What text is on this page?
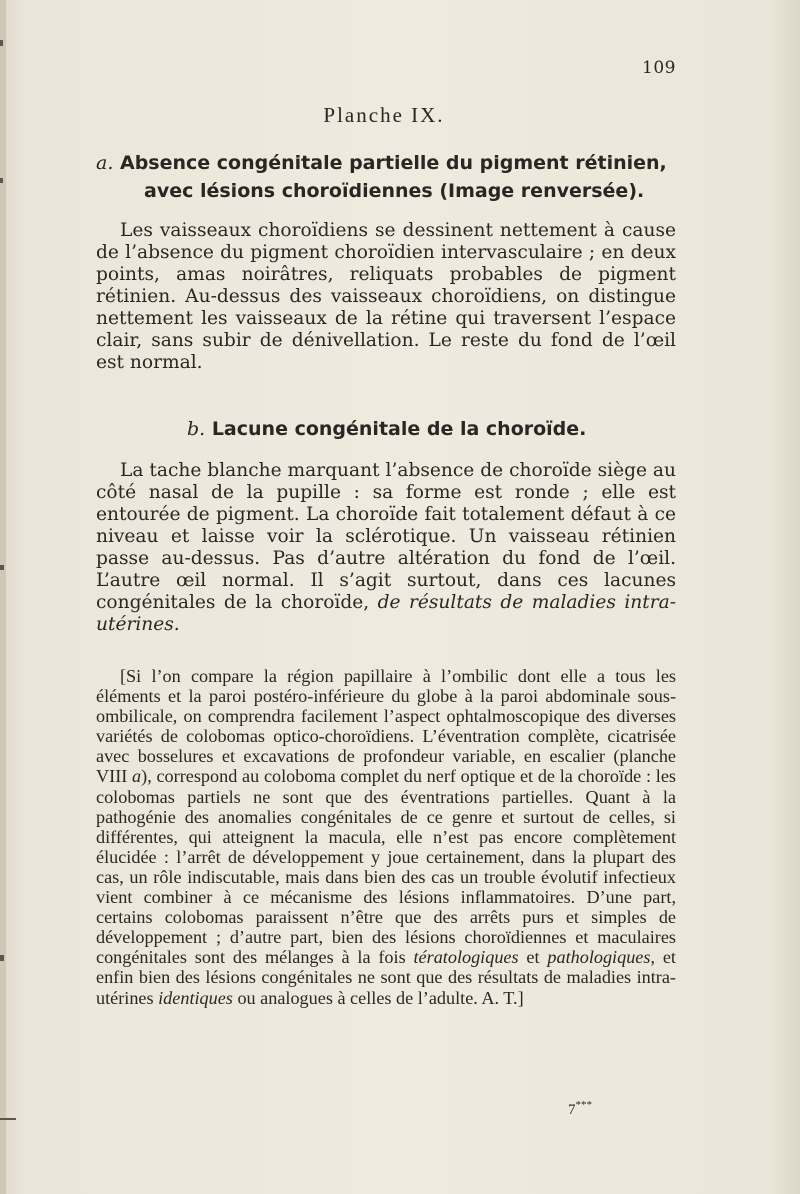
109
Planche IX.
a. Absence congénitale partielle du pigment rétinien,
avec lésions choroïdiennes (Image renversée).

Les vaisseaux choroïdiens se dessinent nettement à cause de l’absence du pigment choroïdien intervasculaire ; en deux points, amas noirâtres, reliquats probables de pigment rétinien. Au-dessus des vaisseaux choroïdiens, on distingue nettement les vaisseaux de la rétine qui traversent l’espace clair, sans subir de dénivellation. Le reste du fond de l’œil est normal.

b. Lacune congénitale de la choroïde.

La tache blanche marquant l’absence de choroïde siège au côté nasal de la pupille : sa forme est ronde ; elle est entourée de pigment. La choroïde fait totalement défaut à ce niveau et laisse voir la sclérotique. Un vaisseau rétinien passe au-dessus. Pas d’autre altération du fond de l’œil. L’autre œil normal. Il s’agit surtout, dans ces lacunes congénitales de la choroïde, de résultats de maladies intra-utérines.

[Si l’on compare la région papillaire à l’ombilic dont elle a tous les éléments et la paroi postéro-inférieure du globe à la paroi abdominale sous-ombilicale, on comprendra facilement l’aspect ophtalmoscopique des diverses variétés de colobomas optico-choroïdiens. L’éventration complète, cicatrisée avec bosselures et excavations de profondeur variable, en escalier (planche VIII a), correspond au coloboma complet du nerf optique et de la choroïde : les colobomas partiels ne sont que des éventrations partielles. Quant à la pathogénie des anomalies congénitales de ce genre et surtout de celles, si différentes, qui atteignent la macula, elle n’est pas encore complètement élucidée : l’arrêt de développement y joue certainement, dans la plupart des cas, un rôle indiscutable, mais dans bien des cas un trouble évolutif infectieux vient combiner à ce mécanisme des lésions inflammatoires. D’une part, certains colobomas paraissent n’être que des arrêts purs et simples de développement ; d’autre part, bien des lésions choroïdiennes et maculaires congénitales sont des mélanges à la fois tératologiques et pathologiques, et enfin bien des lésions congénitales ne sont que des résultats de maladies intra-utérines identiques ou analogues à celles de l’adulte. A. T.]

7***
